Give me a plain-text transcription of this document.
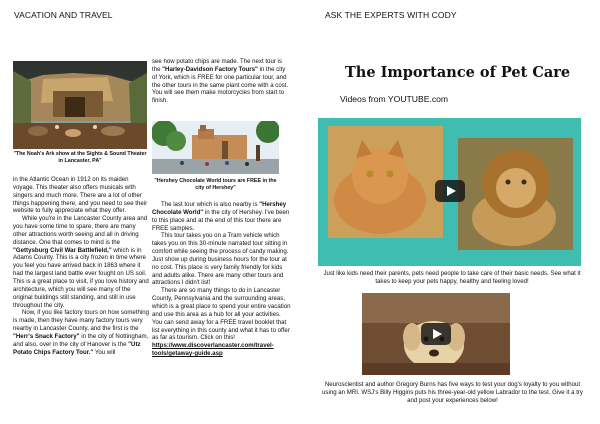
VACATION AND TRAVEL
"The Noah's Ark show at the Sights & Sound Theater in Lancaster, PA"
"Hershey Chocolate World tours are FREE in the city of Hershey"

in the Atlantic Ocean in 1912 on its maiden voyage. This theater also offers musicals with singers and much more. There are a lot of other things happening there, and you need to see their website to fully appreciate what they offer.

While you're in the Lancaster County area and you have some time to spare, there are many other attractions worth seeing and all in driving distance. One that comes to mind is the "Gettysburg Civil War Battlefield," which is in Adams County. This is a city frozen in time where you feel you have arrived back in 1863 where it had the largest land battle ever fought on US soil. This is a great place to visit, if you love history and architecture, which you will see many of the original buildings still standing, and still in use throughout the city.

Now, if you like factory tours on how something is made, then they have many factory tours very nearby in Lancaster County, and the first is the "Herr's Snack Factory" in the city of Nottingham, and also, over in the city of Hanover is the "Utz Potato Chips Factory Tour." You will

see how potato chips are made. The next tour is the "Harley-Davidson Factory Tours" in the city of York, which is FREE for one particular tour, and the other tours in the same plant come with a cost. You will see them make motorcycles from start to finish.

The last tour which is also nearby is "Hershey Chocolate World" in the city of Hershey. I've been to this place and at the end of this tour there are FREE samples.

This tour takes you on a Tram vehicle which takes you on this 30-minute narrated tour sitting in comfort while seeing the process of candy making. Just show up during business hours for the tour at no cost. This place is very family friendly for kids and adults alike. There are many other tours and attractions I didn't list!

There are so many things to do in Lancaster County, Pennsylvania and the surrounding areas, which is a great place to spend your entire vacation and use this area as a hub for all your activities. You can send away for a FREE travel booklet that list everything in this county and what it has to offer as far as tourism. Click on this! https://www.discoverlancaster.com/travel-tools/getaway-guide.asp

ASK THE EXPERTS WITH CODY
The Importance of Pet Care
Videos from YOUTUBE.com

Just like kids need their parents, pets need people to take care of their basic needs. See what it takes to keep your pets happy, healthy and feeling loved!

Neuroscientist and author Gregory Burns has five ways to test your dog's loyalty to you without using an MRI. WSJ's Billy Higgins puts his three-year-old yellow Labrador to the test. Give it a try and post your experiences below!
